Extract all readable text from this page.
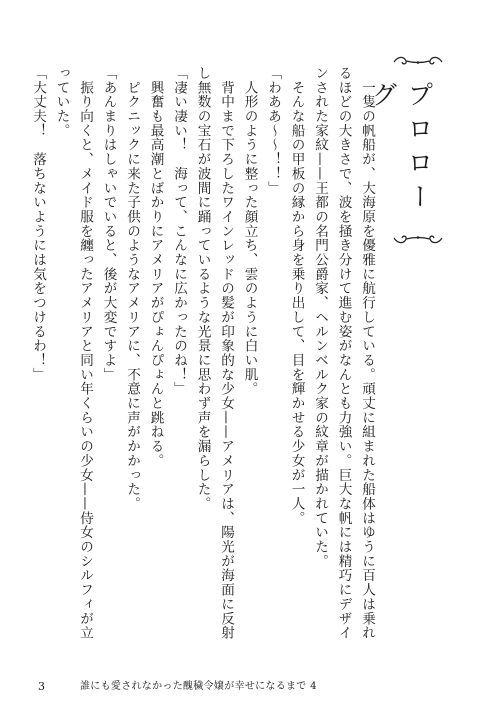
プロローグ

　一隻の帆船が、大海原を優雅に航行している。頑丈に組まれた船体はゆうに百人は乗れるほどの大きさで、波を掻き分けて進む姿がなんとも力強い。巨大な帆には精巧にデザインされた家紋——王都の名門公爵家、ヘルンベルク家の紋章が描かれていた。

　そんな船の甲板の縁から身を乗り出して、目を輝かせる少女が一人。

「わああ〜〜！！」

　人形のように整った顔立ち、雲のように白い肌。

　背中まで下ろしたワインレッドの髪が印象的な少女——アメリアは、陽光が海面に反射し無数の宝石が波間に踊っているような光景に思わず声を漏らした。

「凄い凄い！　海って、こんなに広かったのね！」

　興奮も最高潮とばかりにアメリアがぴょんぴょんと跳ねる。

　ピクニックに来た子供のようなアメリアに、不意に声がかかった。

「あんまりはしゃいでいると、後が大変ですよ」

　振り向くと、メイド服を纏ったアメリアと同い年くらいの少女——侍女のシルフィが立っていた。

「大丈夫！　落ちないようには気をつけるわ！」

3	誰にも愛されなかった醜穢令嬢が幸せになるまで 4
